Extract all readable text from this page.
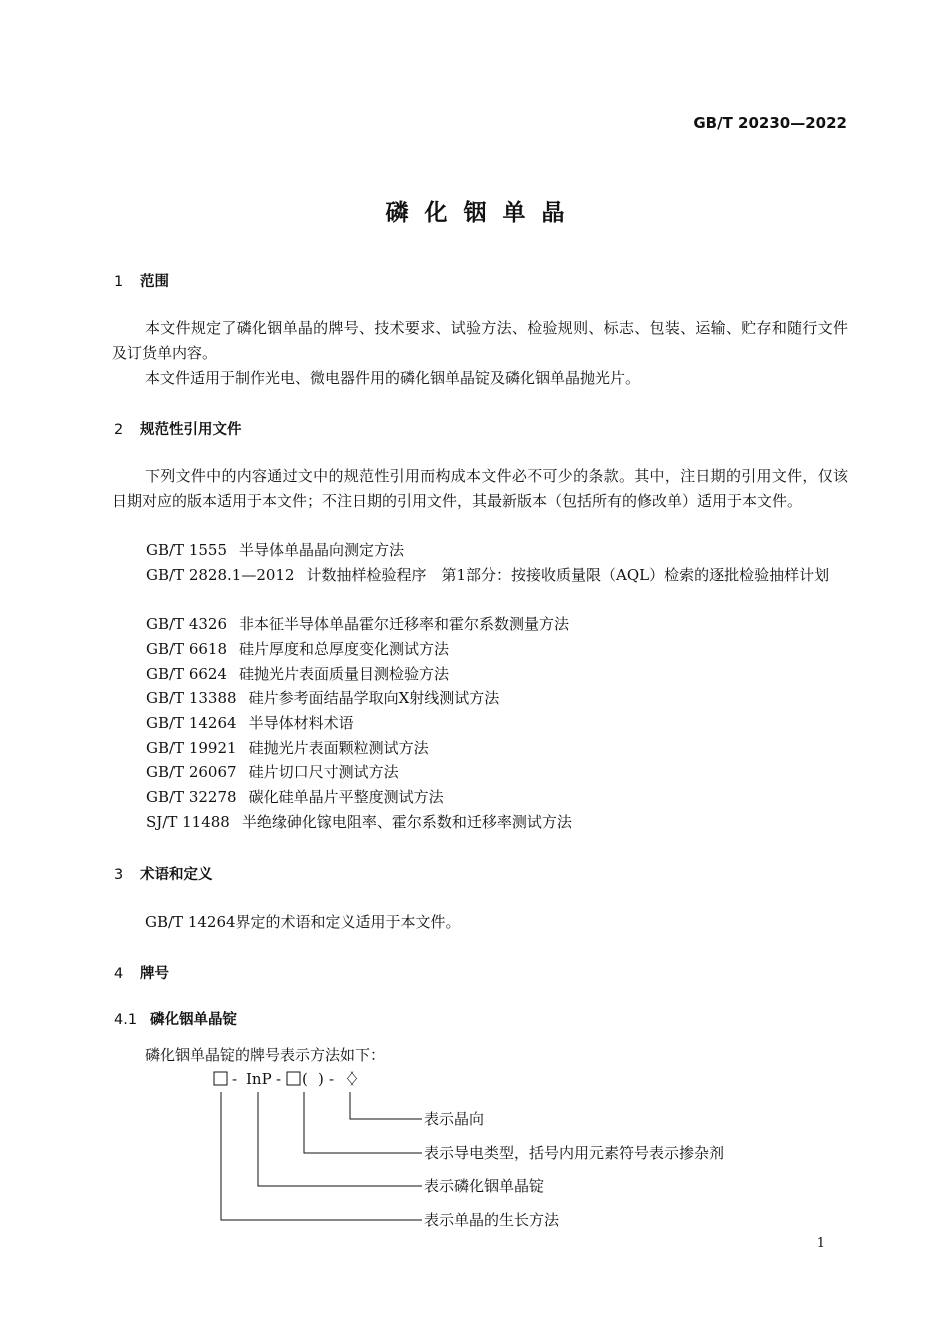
GB/T 20230—2022
磷化铟单晶
1 范围
本文件规定了磷化铟单晶的牌号、技术要求、试验方法、检验规则、标志、包装、运输、贮存和随行文件及订货单内容。
本文件适用于制作光电、微电器件用的磷化铟单晶锭及磷化铟单晶抛光片。
2 规范性引用文件
下列文件中的内容通过文中的规范性引用而构成本文件必不可少的条款。其中，注日期的引用文件，仅该日期对应的版本适用于本文件；不注日期的引用文件，其最新版本（包括所有的修改单）适用于本文件。
GB/T 1555 半导体单晶晶向测定方法
GB/T 2828.1—2012 计数抽样检验程序　第1部分：按接收质量限（AQL）检索的逐批检验抽样计划
GB/T 4326 非本征半导体单晶霍尔迁移率和霍尔系数测量方法
GB/T 6618 硅片厚度和总厚度变化测试方法
GB/T 6624 硅抛光片表面质量目测检验方法
GB/T 13388 硅片参考面结晶学取向X射线测试方法
GB/T 14264 半导体材料术语
GB/T 19921 硅抛光片表面颗粒测试方法
GB/T 26067 硅片切口尺寸测试方法
GB/T 32278 碳化硅单晶片平整度测试方法
SJ/T 11488 半绝缘砷化镓电阻率、霍尔系数和迁移率测试方法
3 术语和定义
GB/T 14264界定的术语和定义适用于本文件。
4 牌号
4.1 磷化铟单晶锭
磷化铟单晶锭的牌号表示方法如下：
- InP - ( ) - 〈
〉
表示晶向
表示导电类型，括号内用元素符号表示掺杂剂
表示磷化铟单晶锭
表示单晶的生长方法
1
